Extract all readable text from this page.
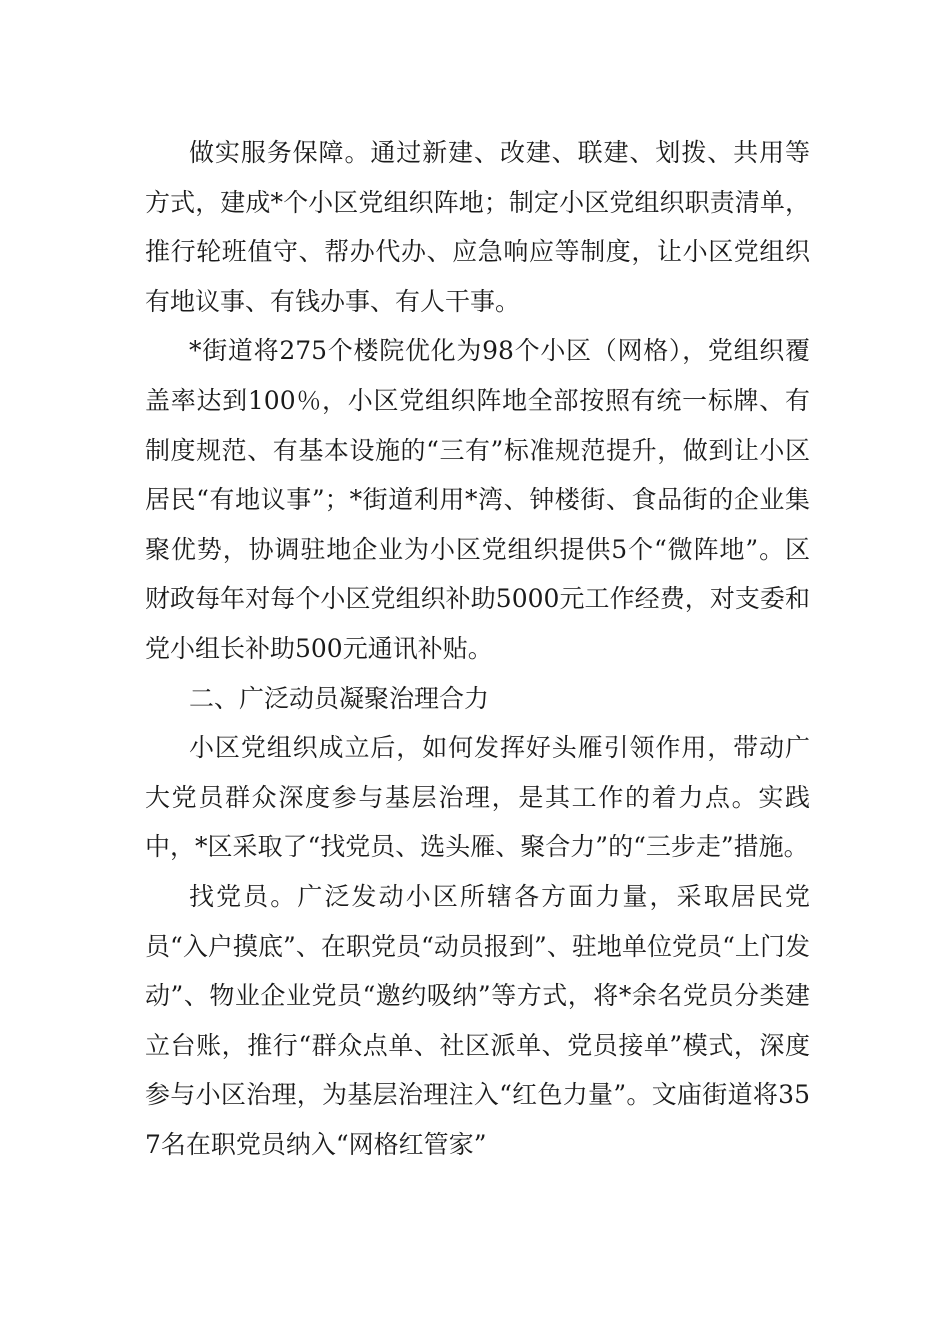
做实服务保障。通过新建、改建、联建、划拨、共用等方式，建成*个小区党组织阵地；制定小区党组织职责清单，推行轮班值守、帮办代办、应急响应等制度，让小区党组织有地议事、有钱办事、有人干事。

*街道将275个楼院优化为98个小区（网格），党组织覆盖率达到100％，小区党组织阵地全部按照有统一标牌、有制度规范、有基本设施的“三有”标准规范提升，做到让小区居民“有地议事”；*街道利用*湾、钟楼街、食品街的企业集聚优势，协调驻地企业为小区党组织提供5个“微阵地”。区财政每年对每个小区党组织补助5000元工作经费，对支委和党小组长补助500元通讯补贴。

二、广泛动员凝聚治理合力

小区党组织成立后，如何发挥好头雁引领作用，带动广大党员群众深度参与基层治理，是其工作的着力点。实践中，*区采取了“找党员、选头雁、聚合力”的“三步走”措施。

找党员。广泛发动小区所辖各方面力量，采取居民党员“入户摸底”、在职党员“动员报到”、驻地单位党员“上门发动”、物业企业党员“邀约吸纳”等方式，将*余名党员分类建立台账，推行“群众点单、社区派单、党员接单”模式，深度参与小区治理，为基层治理注入“红色力量”。文庙街道将357名在职党员纳入“网格红管家”
